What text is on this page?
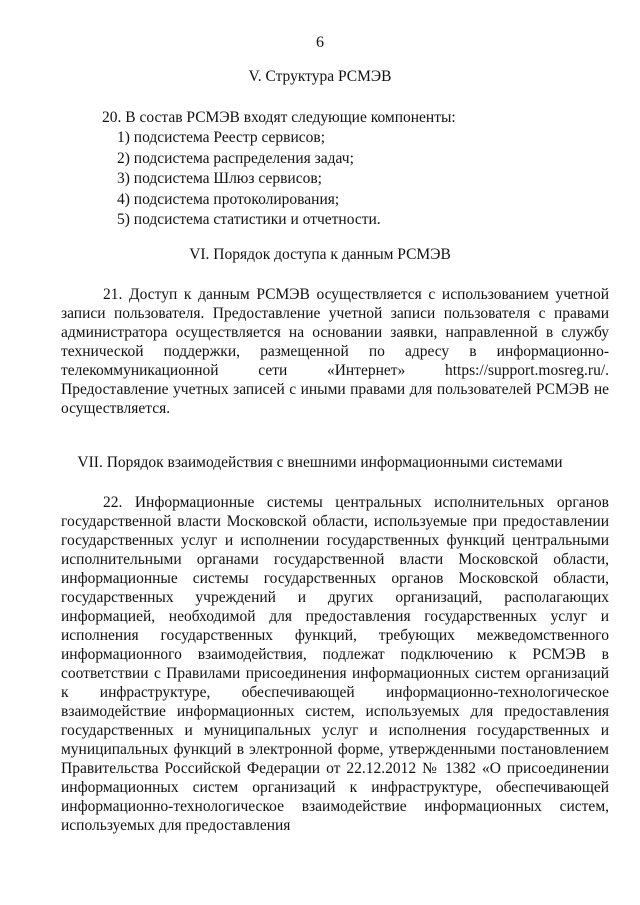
6
V. Структура РСМЭВ
20. В состав РСМЭВ входят следующие компоненты:
1) подсистема Реестр сервисов;
2) подсистема распределения задач;
3) подсистема Шлюз сервисов;
4) подсистема протоколирования;
5) подсистема статистики и отчетности.
VI. Порядок доступа к данным РСМЭВ

21. Доступ к данным РСМЭВ осуществляется с использованием учетной записи пользователя. Предоставление учетной записи пользователя с правами администратора осуществляется на основании заявки, направленной в службу технической поддержки, размещенной по адресу в информационно-телекоммуникационной сети «Интернет» https://support.mosreg.ru/. Предоставление учетных записей с иными правами для пользователей РСМЭВ не осуществляется.

VII. Порядок взаимодействия с внешними информационными системами

22. Информационные системы центральных исполнительных органов государственной власти Московской области, используемые при предоставлении государственных услуг и исполнении государственных функций центральными исполнительными органами государственной власти Московской области, информационные системы государственных органов Московской области, государственных учреждений и других организаций, располагающих информацией, необходимой для предоставления государственных услуг и исполнения государственных функций, требующих межведомственного информационного взаимодействия, подлежат подключению к РСМЭВ в соответствии с Правилами присоединения информационных систем организаций к инфраструктуре, обеспечивающей информационно-технологическое взаимодействие информационных систем, используемых для предоставления государственных и муниципальных услуг и исполнения государственных и муниципальных функций в электронной форме, утвержденными постановлением Правительства Российской Федерации от 22.12.2012 № 1382 «О присоединении информационных систем организаций к инфраструктуре, обеспечивающей информационно-технологическое взаимодействие информационных систем, используемых для предоставления
